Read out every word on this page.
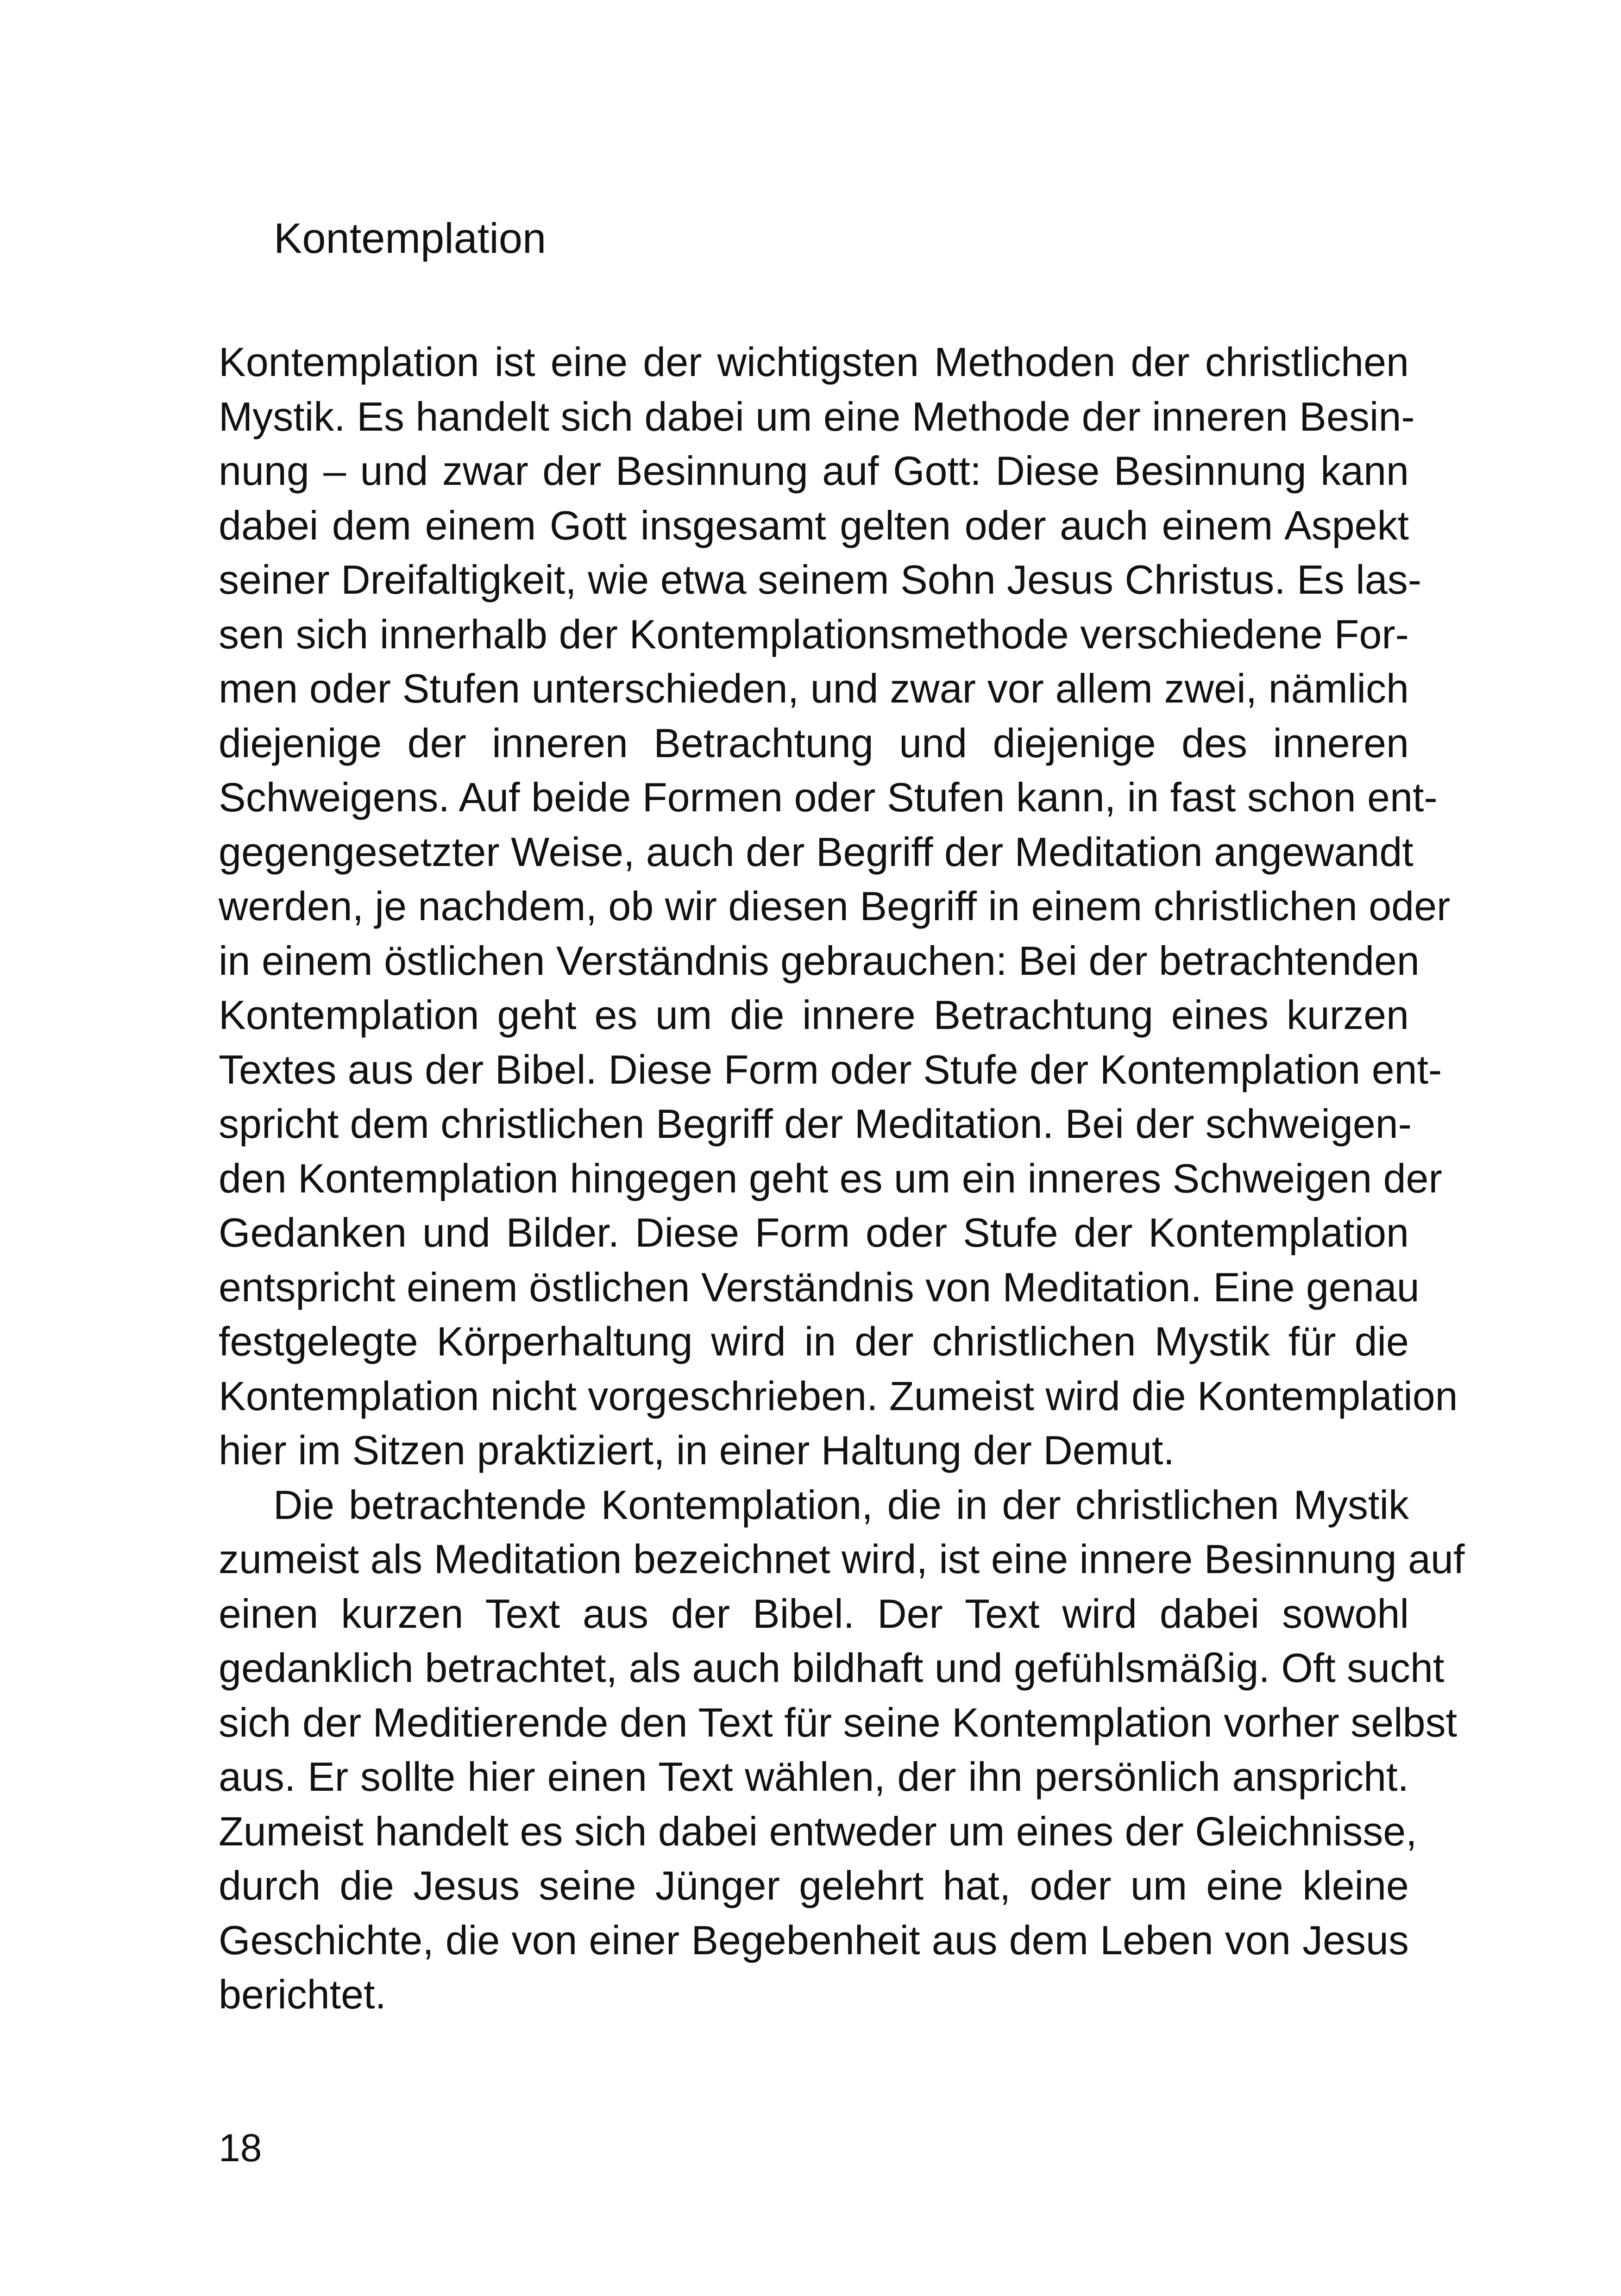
Kontemplation
Kontemplation ist eine der wichtigsten Methoden der christlichen
Mystik. Es handelt sich dabei um eine Methode der inneren Besin-
nung – und zwar der Besinnung auf Gott: Diese Besinnung kann
dabei dem einem Gott insgesamt gelten oder auch einem Aspekt
seiner Dreifaltigkeit, wie etwa seinem Sohn Jesus Christus. Es las-
sen sich innerhalb der Kontemplationsmethode verschiedene For-
men oder Stufen unterschieden, und zwar vor allem zwei, nämlich
diejenige der inneren Betrachtung und diejenige des inneren
Schweigens. Auf beide Formen oder Stufen kann, in fast schon ent-
gegengesetzter Weise, auch der Begriff der Meditation angewandt
werden, je nachdem, ob wir diesen Begriff in einem christlichen oder
in einem östlichen Verständnis gebrauchen: Bei der betrachtenden
Kontemplation geht es um die innere Betrachtung eines kurzen
Textes aus der Bibel. Diese Form oder Stufe der Kontemplation ent-
spricht dem christlichen Begriff der Meditation. Bei der schweigen-
den Kontemplation hingegen geht es um ein inneres Schweigen der
Gedanken und Bilder. Diese Form oder Stufe der Kontemplation
entspricht einem östlichen Verständnis von Meditation. Eine genau
festgelegte Körperhaltung wird in der christlichen Mystik für die
Kontemplation nicht vorgeschrieben. Zumeist wird die Kontemplation
hier im Sitzen praktiziert, in einer Haltung der Demut.
Die betrachtende Kontemplation, die in der christlichen Mystik
zumeist als Meditation bezeichnet wird, ist eine innere Besinnung auf
einen kurzen Text aus der Bibel. Der Text wird dabei sowohl
gedanklich betrachtet, als auch bildhaft und gefühlsmäßig. Oft sucht
sich der Meditierende den Text für seine Kontemplation vorher selbst
aus. Er sollte hier einen Text wählen, der ihn persönlich anspricht.
Zumeist handelt es sich dabei entweder um eines der Gleichnisse,
durch die Jesus seine Jünger gelehrt hat, oder um eine kleine
Geschichte, die von einer Begebenheit aus dem Leben von Jesus
berichtet.
18
